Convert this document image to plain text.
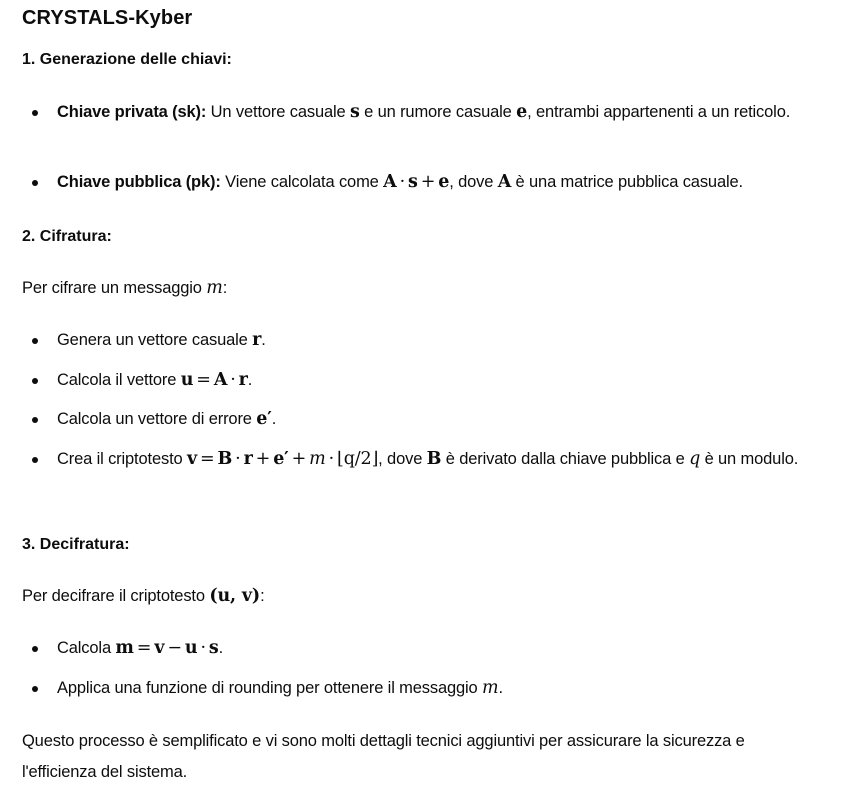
CRYSTALS-Kyber
1. Generazione delle chiavi:
Chiave privata (sk): Un vettore casuale s e un rumore casuale e, entrambi appartenenti a un reticolo.
Chiave pubblica (pk): Viene calcolata come A · s + e, dove A è una matrice pubblica casuale.
2. Cifratura:
Per cifrare un messaggio m:
Genera un vettore casuale r.
Calcola il vettore u = A · r.
Calcola un vettore di errore e′.
Crea il criptotesto v = B · r + e′ + m · ⌊q/2⌋, dove B è derivato dalla chiave pubblica e q è un modulo.
3. Decifratura:
Per decifrare il criptotesto (u, v):
Calcola m = v − u · s.
Applica una funzione di rounding per ottenere il messaggio m.
Questo processo è semplificato e vi sono molti dettagli tecnici aggiuntivi per assicurare la sicurezza e l'efficienza del sistema.
